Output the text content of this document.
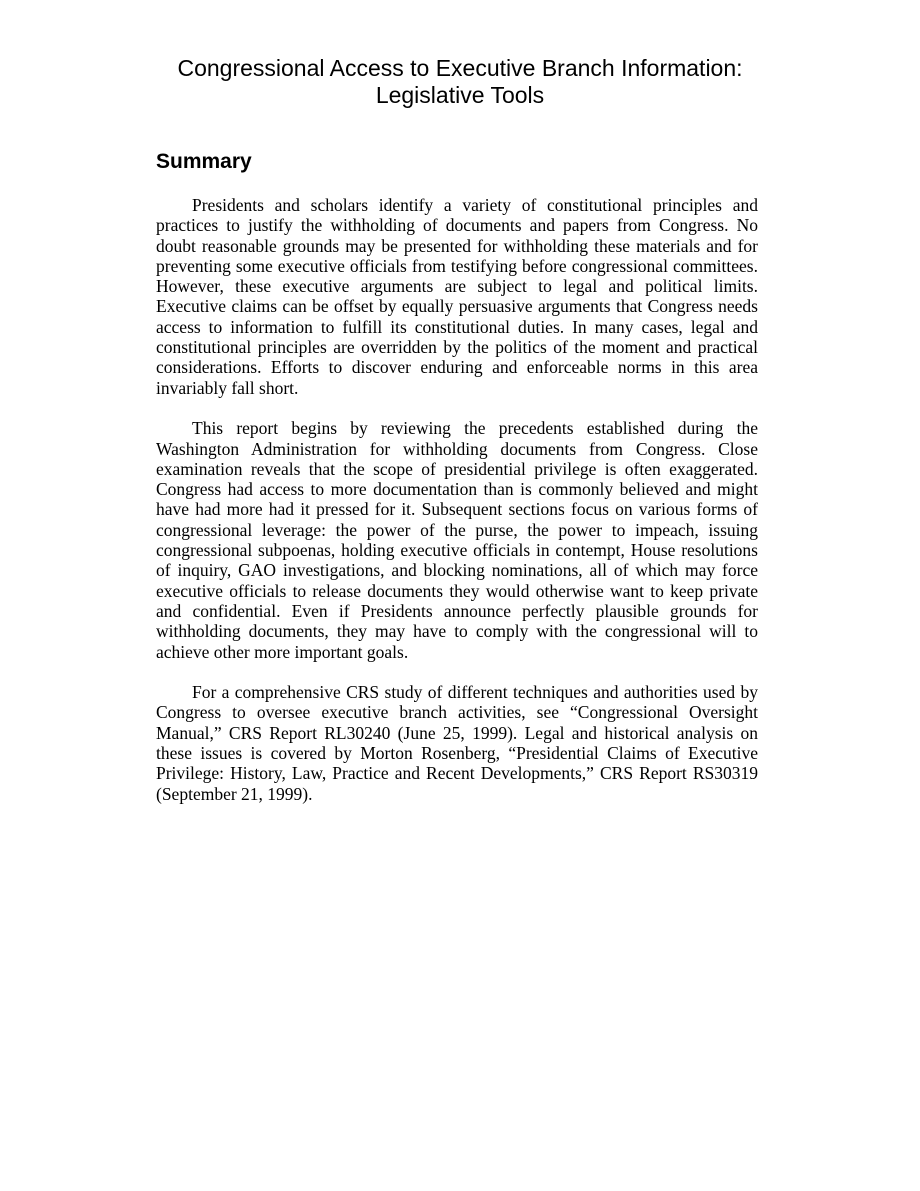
Congressional Access to Executive Branch Information:
Legislative Tools
Summary

Presidents and scholars identify a variety of constitutional principles and practices to justify the withholding of documents and papers from Congress. No doubt reasonable grounds may be presented for withholding these materials and for preventing some executive officials from testifying before congressional committees. However, these executive arguments are subject to legal and political limits. Executive claims can be offset by equally persuasive arguments that Congress needs access to information to fulfill its constitutional duties. In many cases, legal and constitutional principles are overridden by the politics of the moment and practical considerations. Efforts to discover enduring and enforceable norms in this area invariably fall short.

This report begins by reviewing the precedents established during the Washington Administration for withholding documents from Congress. Close examination reveals that the scope of presidential privilege is often exaggerated. Congress had access to more documentation than is commonly believed and might have had more had it pressed for it. Subsequent sections focus on various forms of congressional leverage: the power of the purse, the power to impeach, issuing congressional subpoenas, holding executive officials in contempt, House resolutions of inquiry, GAO investigations, and blocking nominations, all of which may force executive officials to release documents they would otherwise want to keep private and confidential. Even if Presidents announce perfectly plausible grounds for withholding documents, they may have to comply with the congressional will to achieve other more important goals.

For a comprehensive CRS study of different techniques and authorities used by Congress to oversee executive branch activities, see “Congressional Oversight Manual,” CRS Report RL30240 (June 25, 1999). Legal and historical analysis on these issues is covered by Morton Rosenberg, “Presidential Claims of Executive Privilege: History, Law, Practice and Recent Developments,” CRS Report RS30319 (September 21, 1999).
